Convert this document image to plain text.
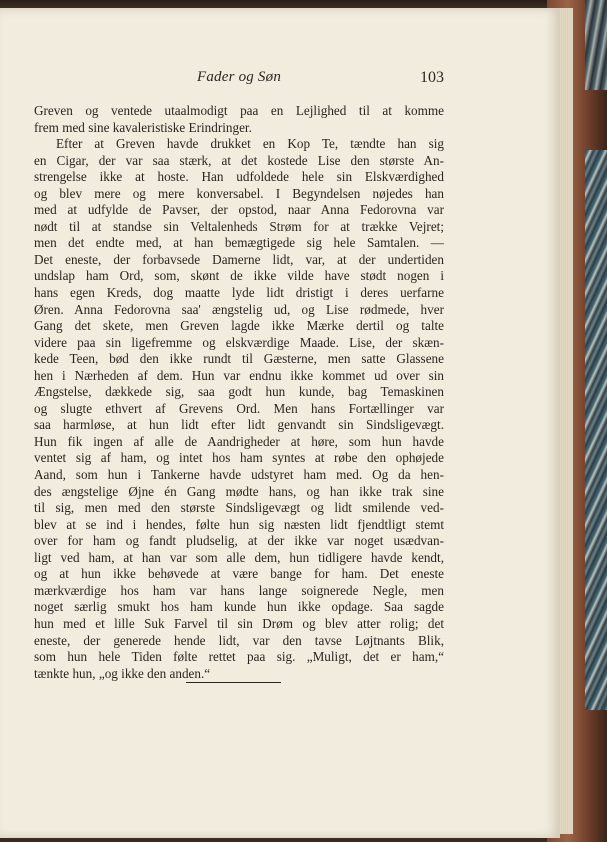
Fader og Søn	103
Greven og ventede utaalmodigt paa en Lejlighed til at komme
frem med sine kavaleristiske Erindringer.
Efter at Greven havde drukket en Kop Te, tændte han sig
en Cigar, der var saa stærk, at det kostede Lise den største An-
strengelse ikke at hoste. Han udfoldede hele sin Elskværdighed
og blev mere og mere konversabel. I Begyndelsen nøjedes han
med at udfylde de Pavser, der opstod, naar Anna Fedorovna var
nødt til at standse sin Veltalenheds Strøm for at trække Vejret;
men det endte med, at han bemægtigede sig hele Samtalen. —
Det eneste, der forbavsede Damerne lidt, var, at der undertiden
undslap ham Ord, som, skønt de ikke vilde have stødt nogen i
hans egen Kreds, dog maatte lyde lidt dristigt i deres uerfarne
Øren. Anna Fedorovna saa' ængstelig ud, og Lise rødmede, hver
Gang det skete, men Greven lagde ikke Mærke dertil og talte
videre paa sin ligefremme og elskværdige Maade. Lise, der skæn-
kede Teen, bød den ikke rundt til Gæsterne, men satte Glassene
hen i Nærheden af dem. Hun var endnu ikke kommet ud over sin
Ængstelse, dækkede sig, saa godt hun kunde, bag Temaskinen
og slugte ethvert af Grevens Ord. Men hans Fortællinger var
saa harmløse, at hun lidt efter lidt genvandt sin Sindsligevægt.
Hun fik ingen af alle de Aandrigheder at høre, som hun havde
ventet sig af ham, og intet hos ham syntes at røbe den ophøjede
Aand, som hun i Tankerne havde udstyret ham med. Og da hen-
des ængstelige Øjne én Gang mødte hans, og han ikke trak sine
til sig, men med den største Sindsligevægt og lidt smilende ved-
blev at se ind i hendes, følte hun sig næsten lidt fjendtligt stemt
over for ham og fandt pludselig, at der ikke var noget usædvan-
ligt ved ham, at han var som alle dem, hun tidligere havde kendt,
og at hun ikke behøvede at være bange for ham. Det eneste
mærkværdige hos ham var hans lange soignerede Negle, men
noget særlig smukt hos ham kunde hun ikke opdage. Saa sagde
hun med et lille Suk Farvel til sin Drøm og blev atter rolig; det
eneste, der generede hende lidt, var den tavse Løjtnants Blik,
som hun hele Tiden følte rettet paa sig. „Muligt, det er ham,“
tænkte hun, „og ikke den anden.“
